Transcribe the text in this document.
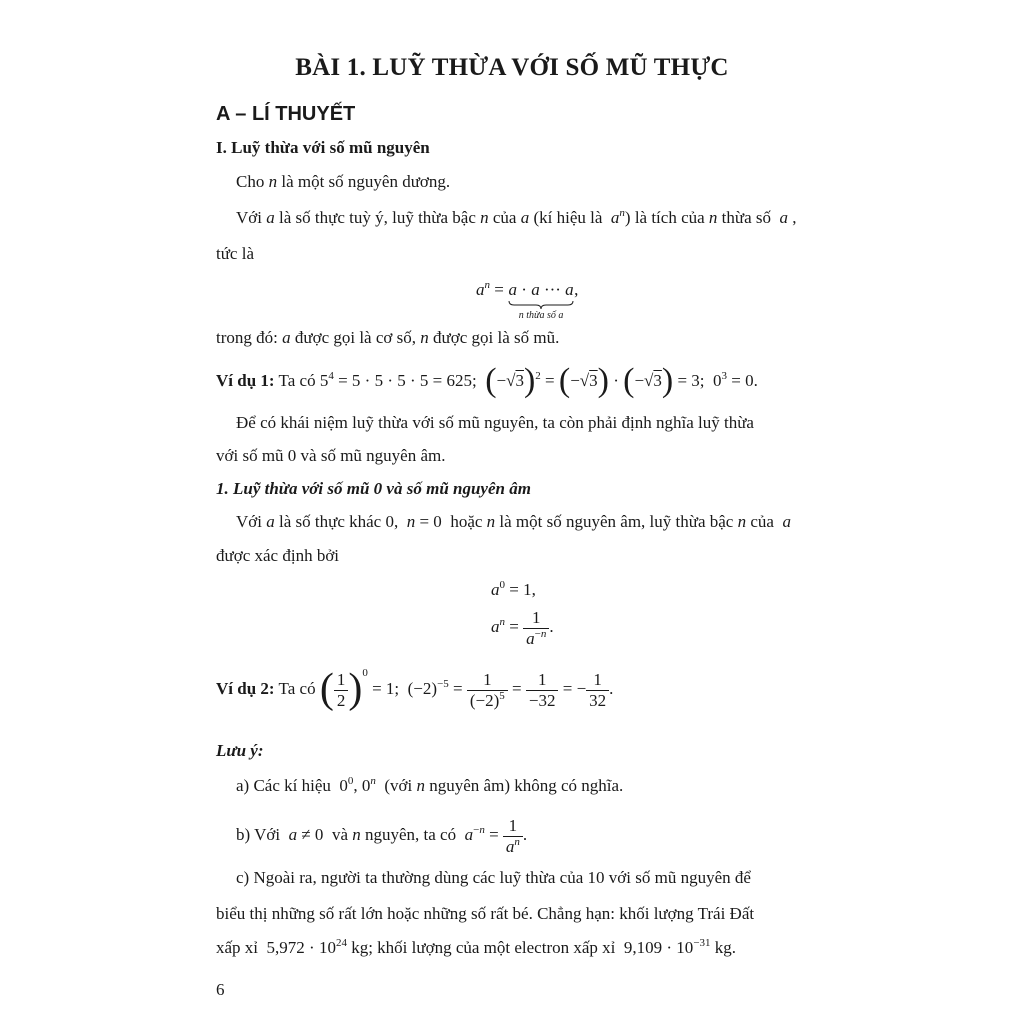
BÀI 1. LUỸ THỪA VỚI SỐ MŨ THỰC
A – LÍ THUYẾT
I. Luỹ thừa với số mũ nguyên
Cho n là một số nguyên dương.
Với a là số thực tuỳ ý, luỹ thừa bậc n của a (kí hiệu là $a^n$) là tích của n thừa số a ,
tức là
$a^n = a \cdot a$ ··· a
n thừa số a
,
trong đó: a được gọi là cơ số, n được gọi là số mũ.
Ví dụ 1: Ta có $5^4 = 5 \cdot 5 \cdot 5 \cdot 5 = 625$;  $(-√3)^2 = (-√3) \cdot (-√3) = 3$;  $0^3 = 0$.
Để có khái niệm luỹ thừa với số mũ nguyên, ta còn phải định nghĩa luỹ thừa
với số mũ 0 và số mũ nguyên âm.
1. Luỹ thừa với số mũ 0 và số mũ nguyên âm
Với a là số thực khác 0, n = 0  hoặc n là một số nguyên âm, luỹ thừa bậc n của a
được xác định bởi
$a^0 = 1$,
$a^n = \frac{1}{a^{-n}}$ .
Ví dụ 2: Ta có ( $\frac{1}{2} )^0 = 1$;  $(-2)^{-5} = \frac{1}{(-2)^5} = \frac{1}{-32}$ = − $\frac{1}{32}$ .
Lưu ý:
a) Các kí hiệu  $0^0$, 0$^n$ (với n nguyên âm) không có nghĩa.
b) Với a ≠ 0  và n nguyên, ta có $a^{-n} = \frac{1}{a^n}$ .
c) Ngoài ra, người ta thường dùng các luỹ thừa của 10 với số mũ nguyên để
biểu thị những số rất lớn hoặc những số rất bé. Chẳng hạn: khối lượng Trái Đất
xấp xỉ  $5,972 \cdot 10^{24}$ kg; khối lượng của một electron xấp xỉ  $9,109 \cdot 10^{-31}$ kg.
6
